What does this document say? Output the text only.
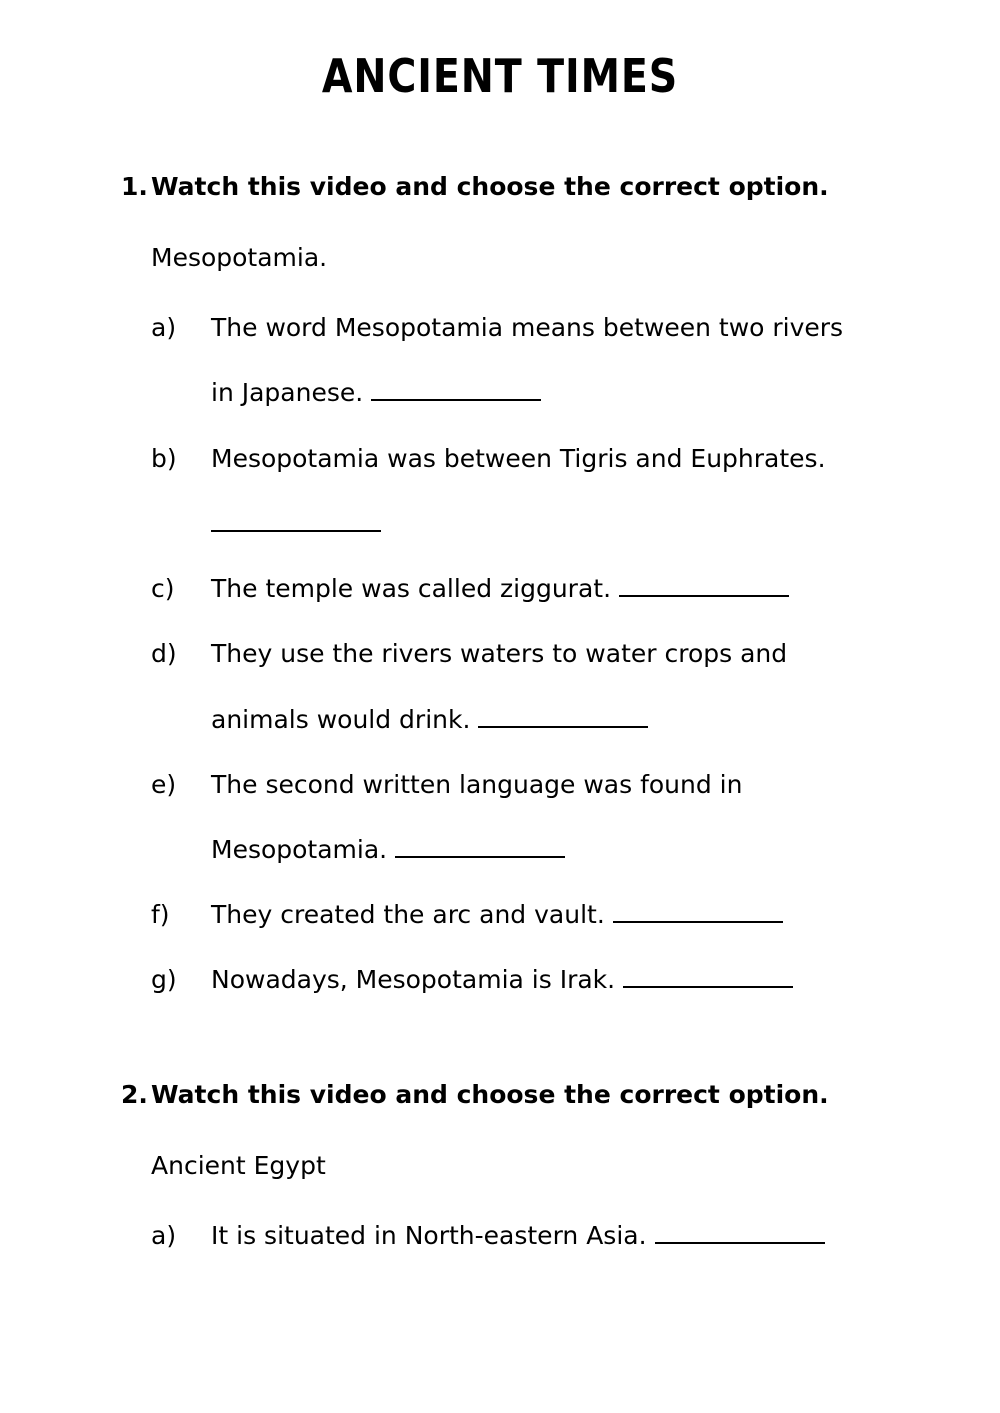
ANCIENT TIMES
1. Watch this video and choose the correct option.
Mesopotamia.
a) The word Mesopotamia means between two rivers
in Japanese.
b) Mesopotamia was between Tigris and Euphrates.
c) The temple was called ziggurat.
d) They use the rivers waters to water crops and
animals would drink.
e) The second written language was found in
Mesopotamia.
f) They created the arc and vault.
g) Nowadays, Mesopotamia is Irak.
2. Watch this video and choose the correct option.
Ancient Egypt
a) It is situated in North-eastern Asia.
